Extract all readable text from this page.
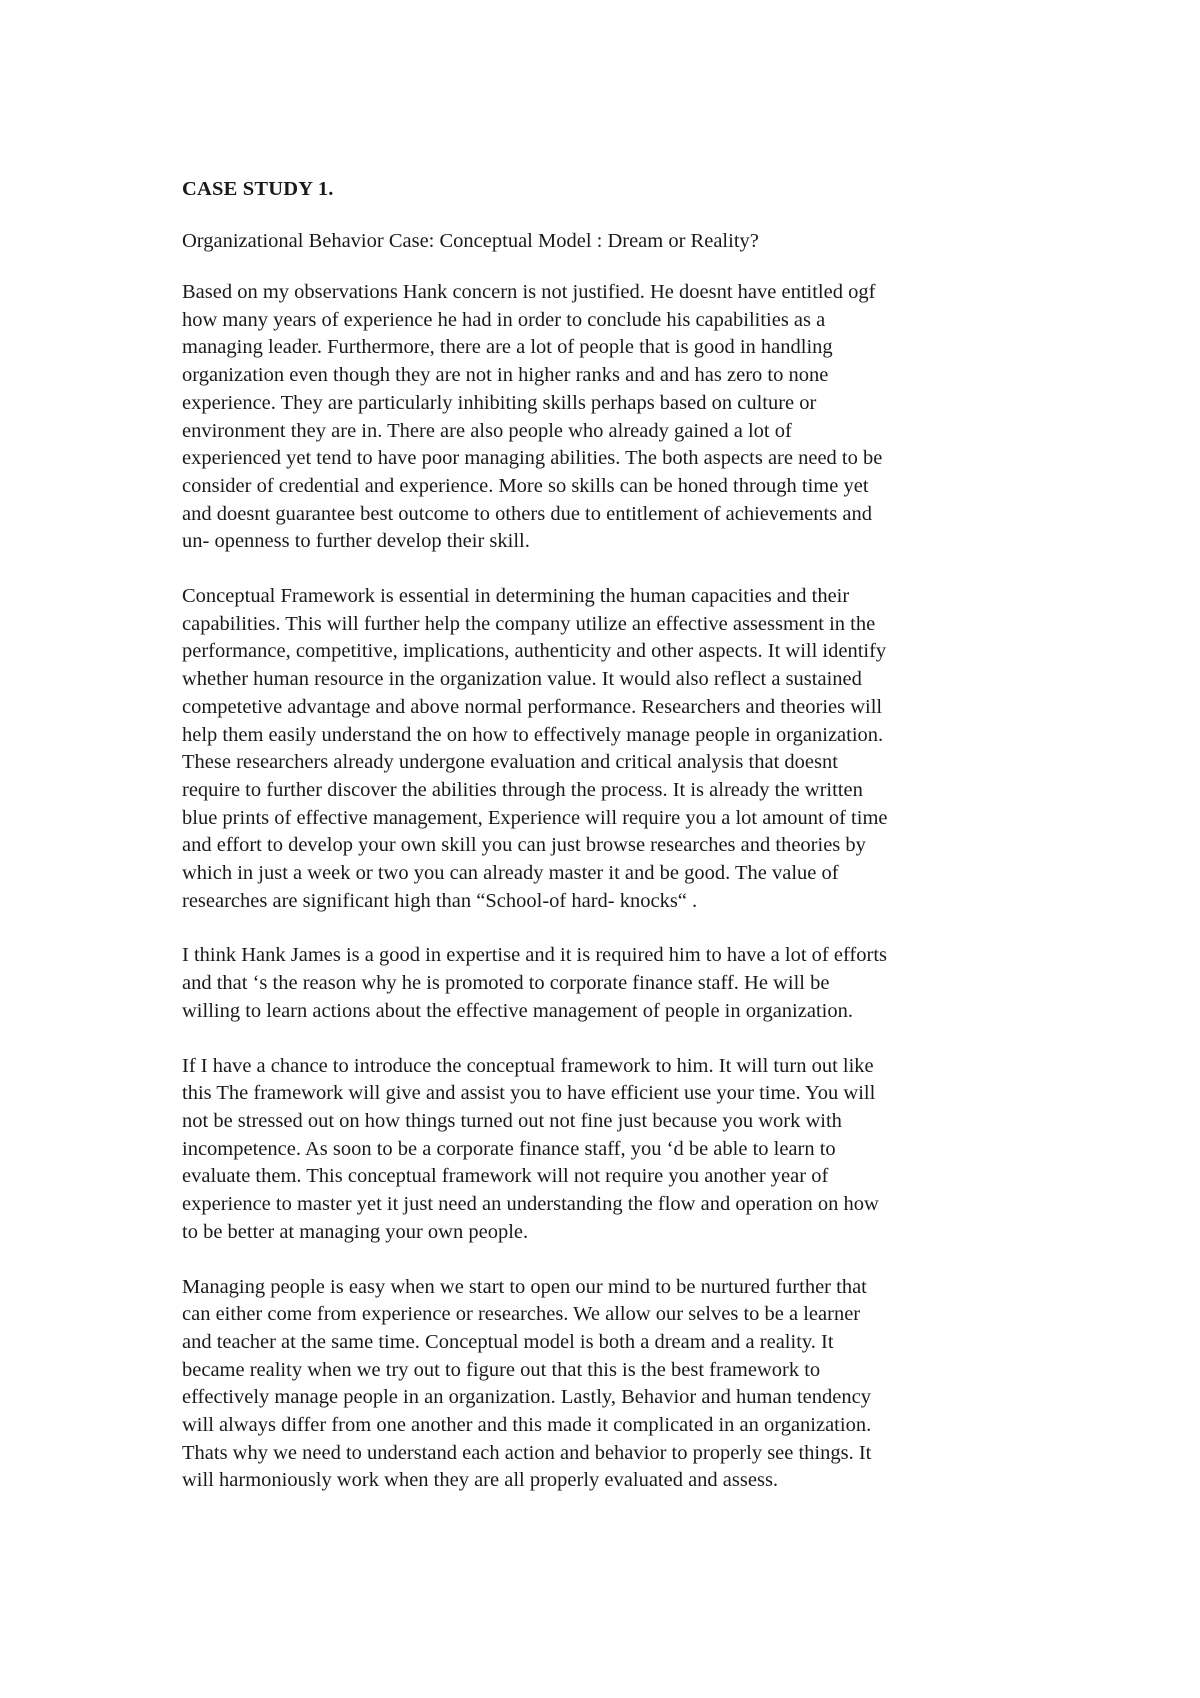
CASE STUDY 1.
Organizational Behavior Case: Conceptual Model : Dream or Reality?
Based on my observations Hank concern is not justified. He doesnt have entitled ogf
how many years of experience he had in order to conclude his capabilities as a
managing leader. Furthermore, there are a lot of people that is good in handling
organization even though they are not in higher ranks and and has zero to none
experience. They are particularly inhibiting skills perhaps based on culture or
environment they are in. There are also people who already gained a lot of
experienced yet tend to have poor managing abilities. The both aspects are need to be
consider of credential and experience. More so skills can be honed through time yet
and doesnt guarantee best outcome to others due to entitlement of achievements and
un- openness to further develop their skill.
Conceptual Framework is essential in determining the human capacities and their
capabilities. This will further help the company utilize an effective assessment in the
performance, competitive, implications, authenticity and other aspects. It will identify
whether human resource in the organization value. It would also reflect a sustained
competetive advantage and above normal performance. Researchers and theories will
help them easily understand the on how to effectively manage people in organization.
These researchers already undergone evaluation and critical analysis that doesnt
require to further discover the abilities through the process. It is already the written
blue prints of effective management, Experience will require you a lot amount of time
and effort to develop your own skill you can just browse researches and theories by
which in just a week or two you can already master it and be good. The value of
researches are significant high than “School-of hard- knocks“ .
I think Hank James is a good in expertise and it is required him to have a lot of efforts
and that ‘s the reason why he is promoted to corporate finance staff. He will be
willing to learn actions about the effective management of people in organization.
If I have a chance to introduce the conceptual framework to him. It will turn out like
this The framework will give and assist you to have efficient use your time. You will
not be stressed out on how things turned out not fine just because you work with
incompetence. As soon to be a corporate finance staff, you ‘d be able to learn to
evaluate them. This conceptual framework will not require you another year of
experience to master yet it just need an understanding the flow and operation on how
to be better at managing your own people.
Managing people is easy when we start to open our mind to be nurtured further that
can either come from experience or researches. We allow our selves to be a learner
and teacher at the same time. Conceptual model is both a dream and a reality. It
became reality when we try out to figure out that this is the best framework to
effectively manage people in an organization. Lastly, Behavior and human tendency
will always differ from one another and this made it complicated in an organization.
Thats why we need to understand each action and behavior to properly see things. It
will harmoniously work when they are all properly evaluated and assess.
